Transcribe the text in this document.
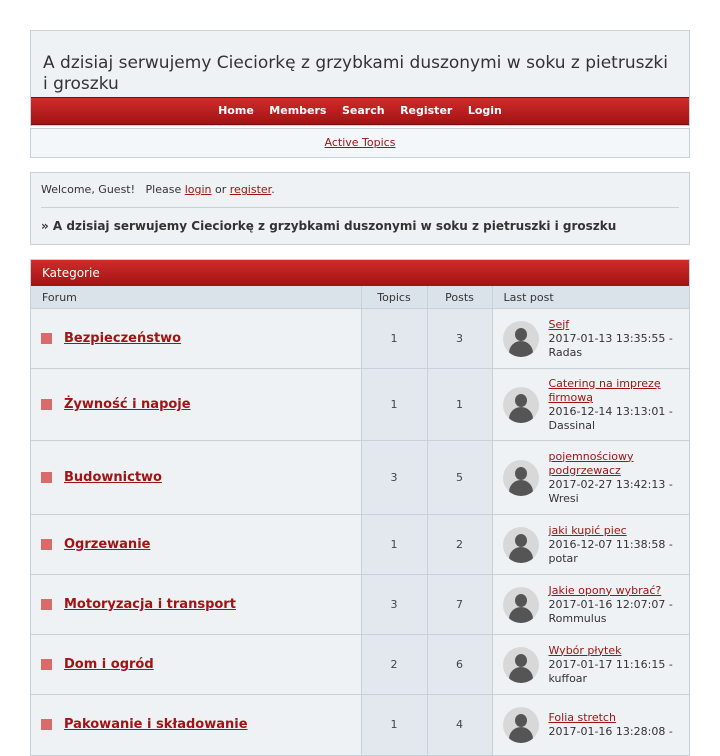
A dzisiaj serwujemy Cieciorkę z grzybkami duszonymi w soku z pietruszki i groszku
Home Members Search Register Login
Active Topics
Welcome, Guest!   Please login or register.
» A dzisiaj serwujemy Cieciorkę z grzybkami duszonymi w soku z pietruszki i groszku
Kategorie
Forum	Topics	Posts	Last post
Bezpieczeństwo	1	3	Sejf
2017-01-13 13:35:55 - Radas

Żywność i napoje	1	1	Catering na imprezę firmową
2016-12-14 13:13:01 - Dassinal

Budownictwo	3	5	pojemnościowy podgrzewacz
2017-02-27 13:42:13 - Wresi

Ogrzewanie	1	2	jaki kupić piec
2016-12-07 11:38:58 - potar

Motoryzacja i transport	3	7	Jakie opony wybrać?
2017-01-16 12:07:07 - Rommulus

Dom i ogród	2	6	Wybór płytek
2017-01-17 11:16:15 - kuffoar

Pakowanie i składowanie	1	4	Folia stretch
2017-01-16 13:28:08 -
